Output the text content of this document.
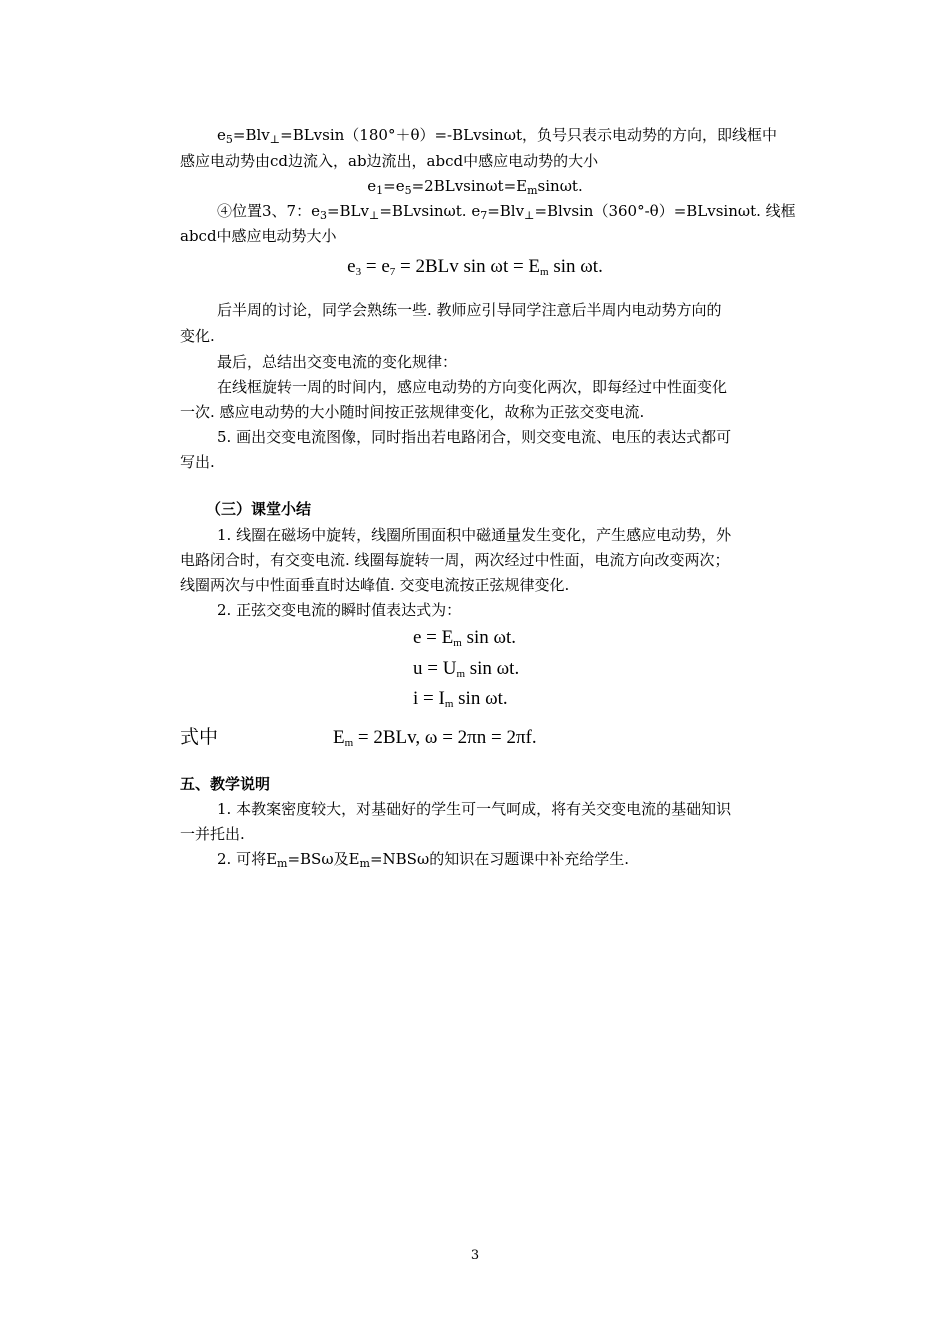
$e_5=Blv_\perp=BLvsin(180^\circ+\theta)=$-BLvsinωt，负号只表示电动势的方向，即线框中
感应电动势由cd边流入，ab边流出，abcd中感应电动势的大小
$e_1=e_5=2BLvsin\omega t=E_m\sin\omega t$.
④位置3、7：$e_3=BLv_\perp=BLvsin\omega t$. $e_7=Blv_\perp=Blvsin(360^\circ-\theta)=BLvsin\omega t$. 线框
abcd中感应电动势大小
$e_3 = e_7 = 2BLv$ $\sin \omega t = E_m$ sin ωt.
后半周的讨论，同学会熟练一些. 教师应引导同学注意后半周内电动势方向的
变化.
最后，总结出交变电流的变化规律：
在线框旋转一周的时间内，感应电动势的方向变化两次，即每经过中性面变化
一次. 感应电动势的大小随时间按正弦规律变化，故称为正弦交变电流.
5. 画出交变电流图像，同时指出若电路闭合，则交变电流、电压的表达式都可
写出.
（三）课堂小结
1. 线圈在磁场中旋转，线圈所围面积中磁通量发生变化，产生感应电动势，外
电路闭合时，有交变电流. 线圈每旋转一周，两次经过中性面，电流方向改变两次；
线圈两次与中性面垂直时达峰值. 交变电流按正弦规律变化.
2. 正弦交变电流的瞬时值表达式为：
$e = E_m$ sin ωt.
$u = U_m$ sin ωt.
$i = I_m$ sin ωt.
式中	$E_m = 2BLv$, ω = 2πn = 2πf.
五、教学说明
1. 本教案密度较大，对基础好的学生可一气呵成，将有关交变电流的基础知识
一并托出.
2. 可将$E_m=BS\omega$及$E_m=NBS\omega$的知识在习题课中补充给学生.
3
